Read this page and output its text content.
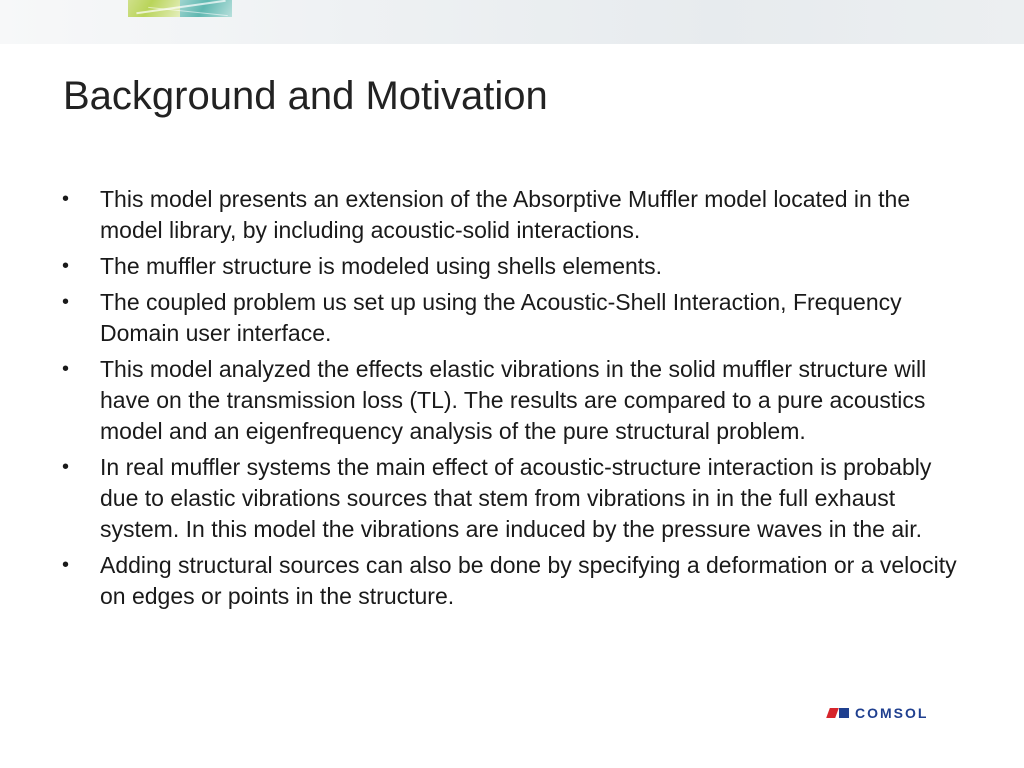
Background and Motivation
•	This model presents an extension of the Absorptive Muffler model located in the model library, by including acoustic-solid interactions.
•	The muffler structure is modeled using shells elements.
•	The coupled problem us set up using the Acoustic-Shell Interaction, Frequency Domain user interface.
•	This model analyzed the effects elastic vibrations in the solid muffler structure will have on the transmission loss (TL). The results are compared to a pure acoustics model and an eigenfrequency analysis of the pure structural problem.
•	In real muffler systems the main effect of acoustic-structure interaction is probably due to elastic vibrations sources that stem from vibrations in in the full exhaust system. In this model the vibrations are induced by the pressure waves in the air.
•	Adding structural sources can also be done by specifying a deformation or a velocity on edges or points in the structure.
COMSOL
